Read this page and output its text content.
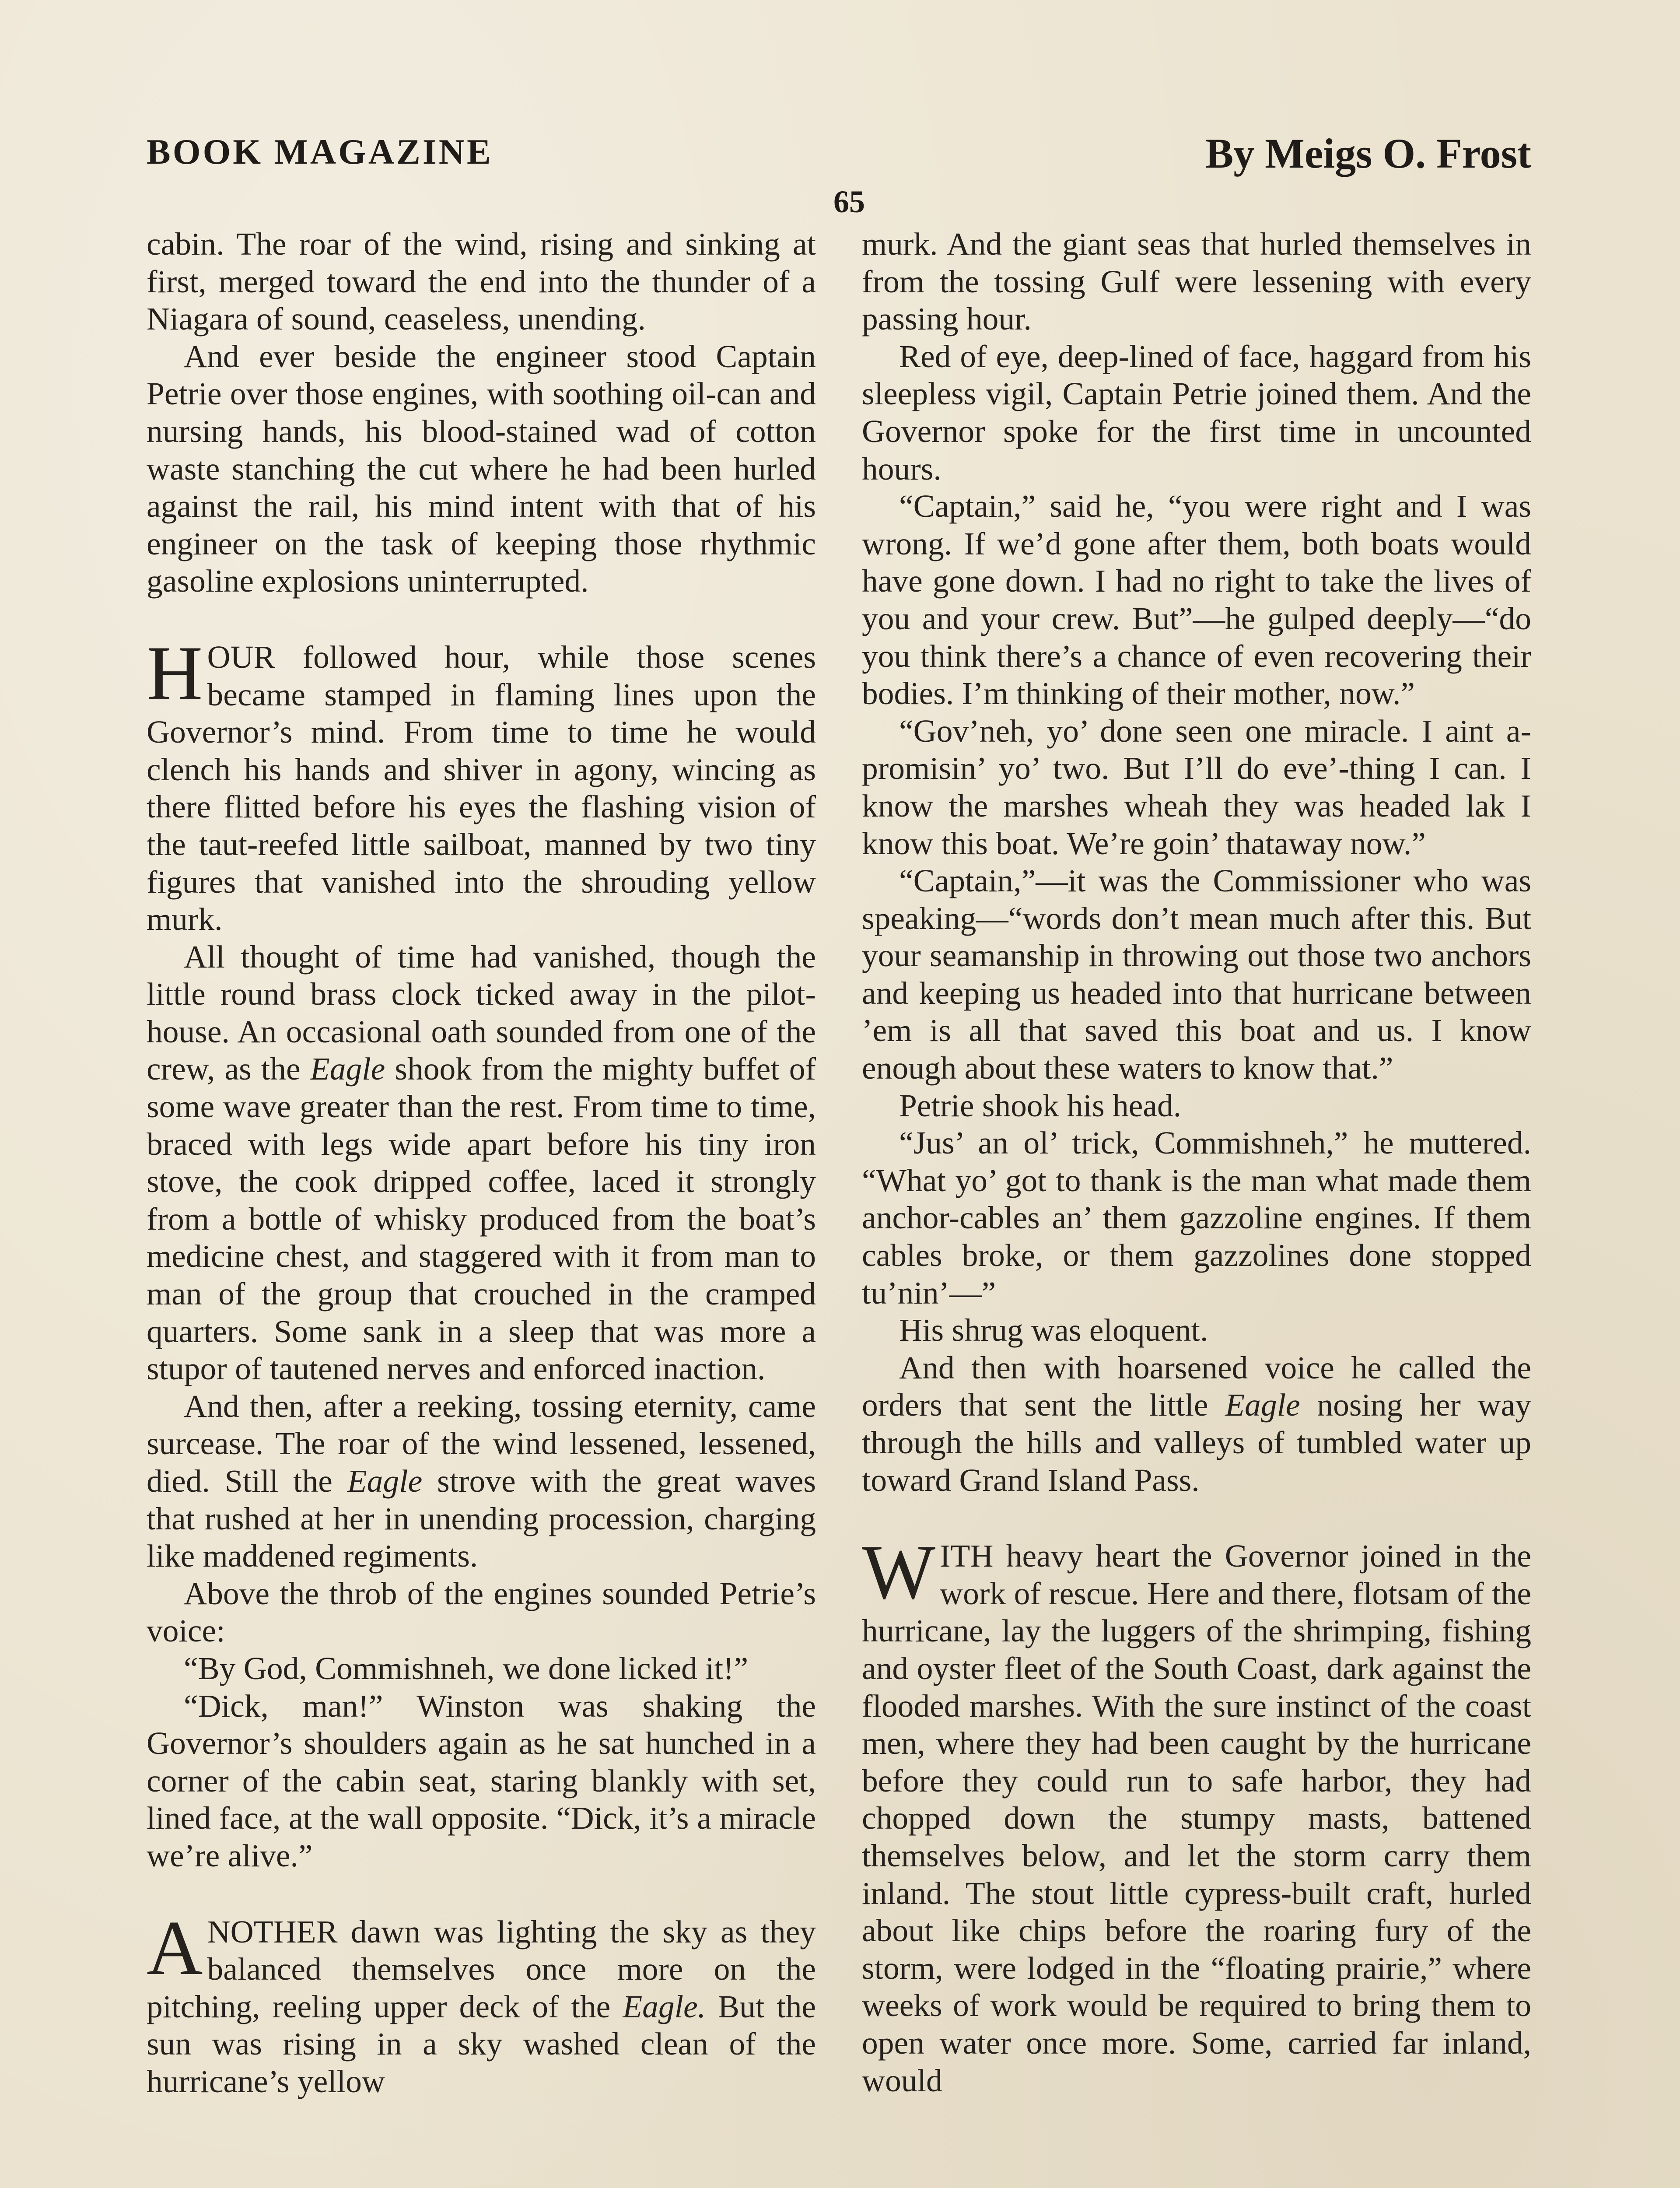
BOOK MAGAZINE	By Meigs O. Frost
65

cabin. The roar of the wind, rising and sinking at first, merged toward the end into the thunder of a Niagara of sound, ceaseless, unending.

And ever beside the engineer stood Captain Petrie over those engines, with soothing oil-can and nursing hands, his blood-stained wad of cotton waste stanching the cut where he had been hurled against the rail, his mind intent with that of his engineer on the task of keeping those rhythmic gasoline explosions uninterrupted.

HOUR followed hour, while those scenes became stamped in flaming lines upon the Governor’s mind. From time to time he would clench his hands and shiver in agony, wincing as there flitted before his eyes the flashing vision of the taut-reefed little sailboat, manned by two tiny figures that vanished into the shrouding yellow murk.

All thought of time had vanished, though the little round brass clock ticked away in the pilot-house. An occasional oath sounded from one of the crew, as the Eagle shook from the mighty buffet of some wave greater than the rest. From time to time, braced with legs wide apart before his tiny iron stove, the cook dripped coffee, laced it strongly from a bottle of whisky produced from the boat’s medicine chest, and staggered with it from man to man of the group that crouched in the cramped quarters. Some sank in a sleep that was more a stupor of tautened nerves and enforced inaction.

And then, after a reeking, tossing eternity, came surcease. The roar of the wind lessened, lessened, died. Still the Eagle strove with the great waves that rushed at her in unending procession, charging like maddened regiments.

Above the throb of the engines sounded Petrie’s voice:

“By God, Commishneh, we done licked it!”

“Dick, man!” Winston was shaking the Governor’s shoulders again as he sat hunched in a corner of the cabin seat, staring blankly with set, lined face, at the wall opposite. “Dick, it’s a miracle we’re alive.”

ANOTHER dawn was lighting the sky as they balanced themselves once more on the pitching, reeling upper deck of the Eagle. But the sun was rising in a sky washed clean of the hurricane’s yellow

murk. And the giant seas that hurled themselves in from the tossing Gulf were lessening with every passing hour.

Red of eye, deep-lined of face, haggard from his sleepless vigil, Captain Petrie joined them. And the Governor spoke for the first time in uncounted hours.

“Captain,” said he, “you were right and I was wrong. If we’d gone after them, both boats would have gone down. I had no right to take the lives of you and your crew. But”—he gulped deeply—“do you think there’s a chance of even recovering their bodies. I’m thinking of their mother, now.”

“Gov’neh, yo’ done seen one miracle. I aint a-promisin’ yo’ two. But I’ll do eve’-thing I can. I know the marshes wheah they was headed lak I know this boat. We’re goin’ thataway now.”

“Captain,”—it was the Commissioner who was speaking—“words don’t mean much after this. But your seamanship in throwing out those two anchors and keeping us headed into that hurricane between ’em is all that saved this boat and us. I know enough about these waters to know that.”

Petrie shook his head.

“Jus’ an ol’ trick, Commishneh,” he muttered. “What yo’ got to thank is the man what made them anchor-cables an’ them gazzoline engines. If them cables broke, or them gazzolines done stopped tu’nin’—”

His shrug was eloquent.

And then with hoarsened voice he called the orders that sent the little Eagle nosing her way through the hills and valleys of tumbled water up toward Grand Island Pass.

WITH heavy heart the Governor joined in the work of rescue. Here and there, flotsam of the hurricane, lay the luggers of the shrimping, fishing and oyster fleet of the South Coast, dark against the flooded marshes. With the sure instinct of the coast men, where they had been caught by the hurricane before they could run to safe harbor, they had chopped down the stumpy masts, battened themselves below, and let the storm carry them inland. The stout little cypress-built craft, hurled about like chips before the roaring fury of the storm, were lodged in the “floating prairie,” where weeks of work would be required to bring them to open water once more. Some, carried far inland, would
